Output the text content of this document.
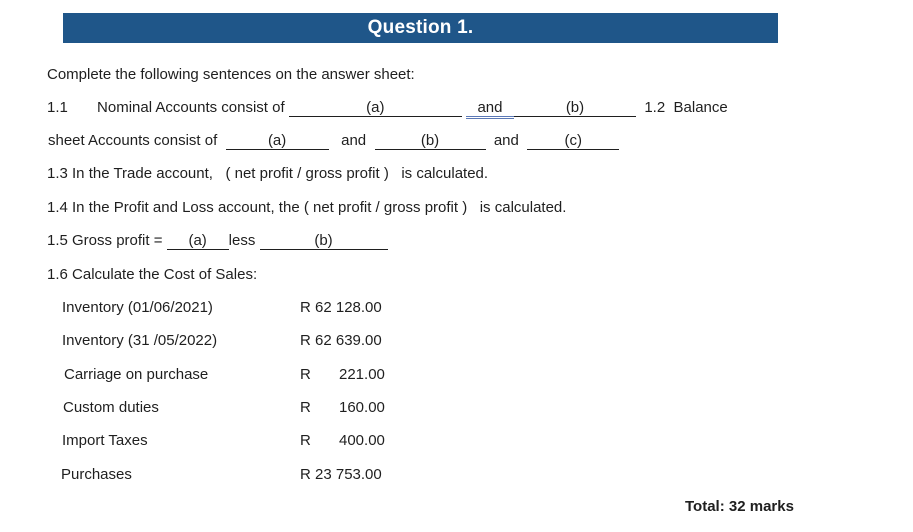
Question 1.
Complete the following sentences on the answer sheet:
1.1 Nominal Accounts consist of	(a)	and	(b)	1.2  Balance
sheet Accounts consist of	(a)	and	(b)	and	(c)
1.3 In the Trade account,   ( net profit / gross profit )   is calculated.
1.4 In the Profit and Loss account, the ( net profit / gross profit )   is calculated.
1.5 Gross profit = (a) less	(b)
1.6 Calculate the Cost of Sales:
Inventory (01/06/2021)	R 62 128.00
Inventory (31 /05/2022)	R 62 639.00
Carriage on purchase	R 221.00
Custom duties	R 160.00
Import Taxes	R 400.00
Purchases	R 23 753.00
Total: 32 marks
